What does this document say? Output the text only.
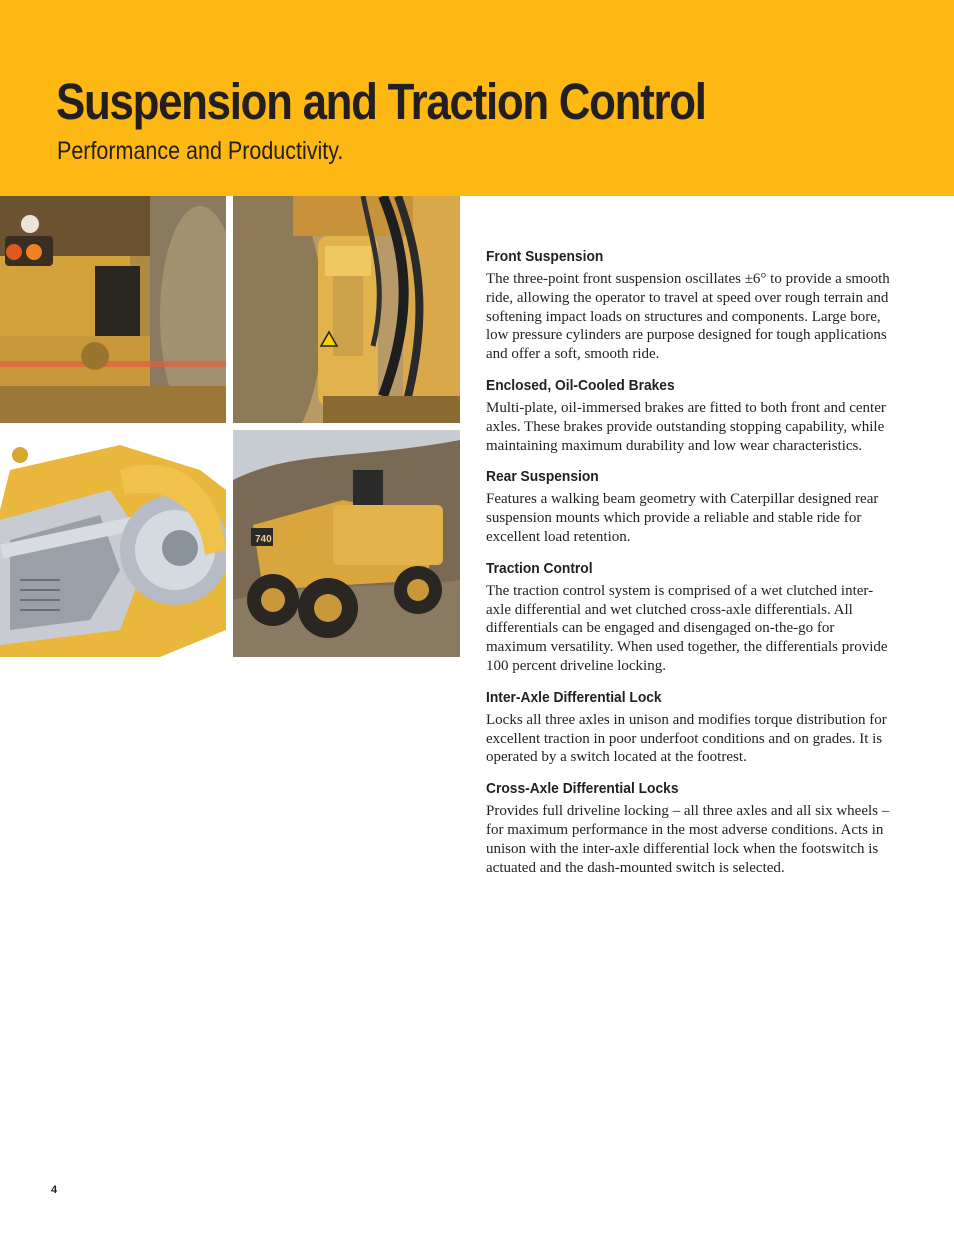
Suspension and Traction Control

Performance and Productivity.

740
Front Suspension

The three-point front suspension oscillates ±6° to provide a smooth ride, allowing the operator to travel at speed over rough terrain and softening impact loads on structures and components. Large bore, low pressure cylinders are purpose designed for tough applications and offer a soft, smooth ride.

Enclosed, Oil-Cooled Brakes

Multi-plate, oil-immersed brakes are fitted to both front and center axles. These brakes provide outstanding stopping capability, while maintaining maximum durability and low wear characteristics.

Rear Suspension

Features a walking beam geometry with Caterpillar designed rear suspension mounts which provide a reliable and stable ride for excellent load retention.

Traction Control

The traction control system is comprised of a wet clutched inter-axle differential and wet clutched cross-axle differentials. All differentials can be engaged and disengaged on-the-go for maximum versatility. When used together, the differentials provide 100 percent driveline locking.

Inter-Axle Differential Lock

Locks all three axles in unison and modifies torque distribution for excellent traction in poor underfoot conditions and on grades. It is operated by a switch located at the footrest.

Cross-Axle Differential Locks

Provides full driveline locking – all three axles and all six wheels – for maximum performance in the most adverse conditions. Acts in unison with the inter-axle differential lock when the footswitch is actuated and the dash-mounted switch is selected.

4
